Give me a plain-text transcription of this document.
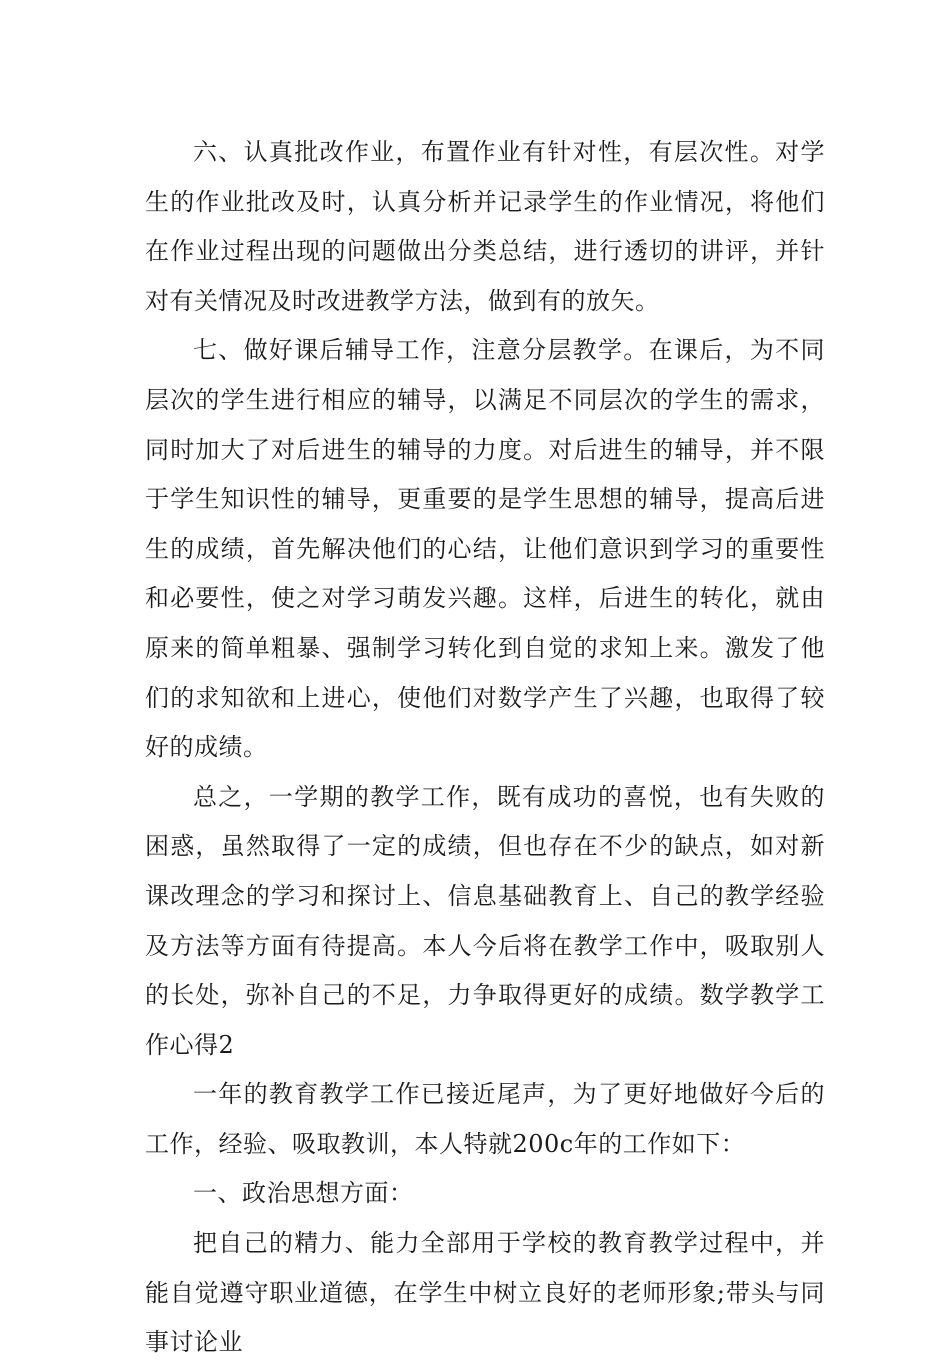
六、认真批改作业，布置作业有针对性，有层次性。对学生的作业批改及时，认真分析并记录学生的作业情况，将他们在作业过程出现的问题做出分类总结，进行透切的讲评，并针对有关情况及时改进教学方法，做到有的放矢。

七、做好课后辅导工作，注意分层教学。在课后，为不同层次的学生进行相应的辅导，以满足不同层次的学生的需求，同时加大了对后进生的辅导的力度。对后进生的辅导，并不限于学生知识性的辅导，更重要的是学生思想的辅导，提高后进生的成绩，首先解决他们的心结，让他们意识到学习的重要性和必要性，使之对学习萌发兴趣。这样，后进生的转化，就由原来的简单粗暴、强制学习转化到自觉的求知上来。激发了他们的求知欲和上进心，使他们对数学产生了兴趣，也取得了较好的成绩。

总之，一学期的教学工作，既有成功的喜悦，也有失败的困惑，虽然取得了一定的成绩，但也存在不少的缺点，如对新课改理念的学习和探讨上、信息基础教育上、自己的教学经验及方法等方面有待提高。本人今后将在教学工作中，吸取别人的长处，弥补自己的不足，力争取得更好的成绩。数学教学工作心得2

一年的教育教学工作已接近尾声，为了更好地做好今后的工作，经验、吸取教训，本人特就200c年的工作如下：

一、政治思想方面：

把自己的精力、能力全部用于学校的教育教学过程中，并能自觉遵守职业道德，在学生中树立良好的老师形象;带头与同事讨论业
